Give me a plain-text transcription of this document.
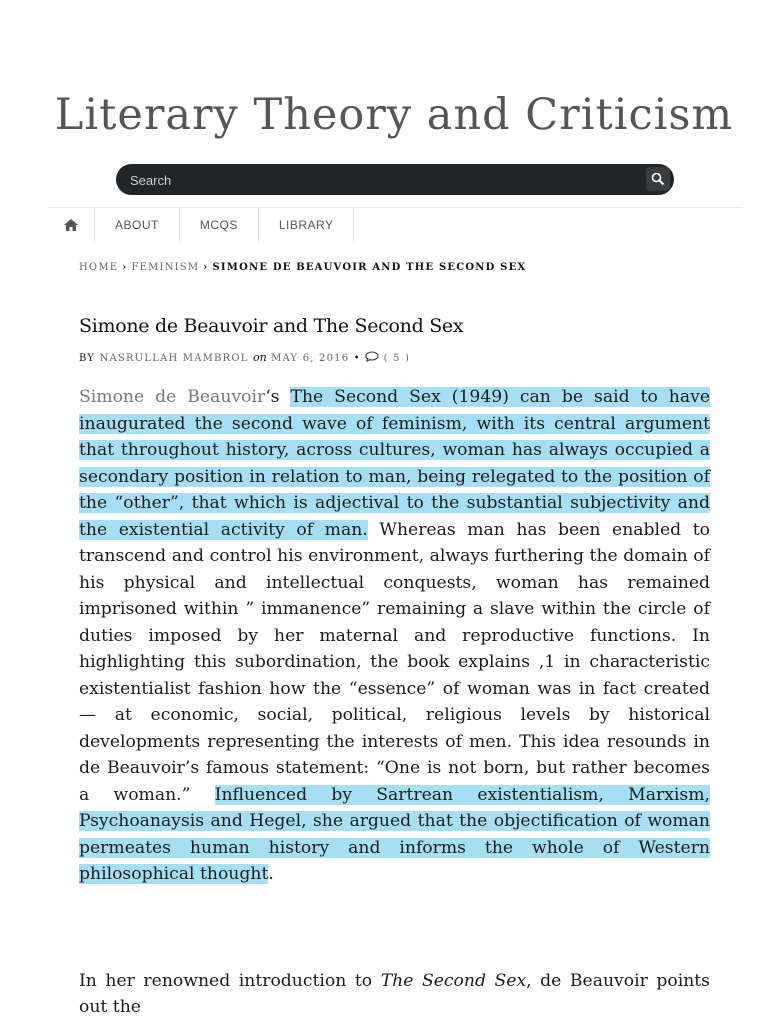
Literary Theory and Criticism
Search
ABOUT	MCQS	LIBRARY
HOME › FEMINISM › SIMONE DE BEAUVOIR AND THE SECOND SEX
Simone de Beauvoir and The Second Sex
BY NASRULLAH MAMBROL on MAY 6, 2016 • ( 5 )

Simone de Beauvoir‘s The Second Sex (1949) can be said to have inaugurated the second wave of feminism, with its central argument that throughout history, across cultures, woman has always occupied a secondary position in relation to man, being relegated to the position of the “other”, that which is adjectival to the substantial subjectivity and the existential activity of man. Whereas man has been enabled to transcend and control his environment, always furthering the domain of his physical and intellectual conquests, woman has remained imprisoned within ” immanence” remaining a slave within the circle of duties imposed by her maternal and reproductive functions. In highlighting this subordination, the book explains ,1 in characteristic existentialist fashion how the “essence” of woman was in fact created — at economic, social, political, religious levels by historical developments representing the interests of men. This idea resounds in de Beauvoir’s famous statement: “One is not born, but rather becomes a woman.” Influenced by Sartrean existentialism, Marxism, Psychoanaysis and Hegel, she argued that the objectification of woman permeates human history and informs the whole of Western philosophical thought.

In her renowned introduction to The Second Sex, de Beauvoir points out the
